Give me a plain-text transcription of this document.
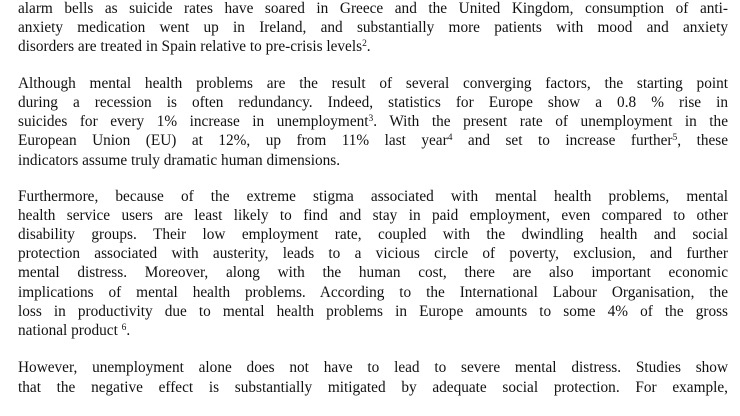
alarm bells as suicide rates have soared in Greece and the United Kingdom, consumption of anti-
anxiety medication went up in Ireland, and substantially more patients with mood and anxiety
disorders are treated in Spain relative to pre-crisis levels$^2$.
Although mental health problems are the result of several converging factors, the starting point
during a recession is often redundancy. Indeed, statistics for Europe show a 0.8 % rise in
suicides for every 1% increase in unemployment$^3$. With the present rate of unemployment in the
European Union (EU) at 12%, up from 11% last year$^4$ and set to increase further$^5$, these
indicators assume truly dramatic human dimensions.
Furthermore, because of the extreme stigma associated with mental health problems, mental
health service users are least likely to find and stay in paid employment, even compared to other
disability groups. Their low employment rate, coupled with the dwindling health and social
protection associated with austerity, leads to a vicious circle of poverty, exclusion, and further
mental distress. Moreover, along with the human cost, there are also important economic
implications of mental health problems. According to the International Labour Organisation, the
loss in productivity due to mental health problems in Europe amounts to some 4% of the gross
national product $^6$.
However, unemployment alone does not have to lead to severe mental distress. Studies show
that the negative effect is substantially mitigated by adequate social protection. For example,
